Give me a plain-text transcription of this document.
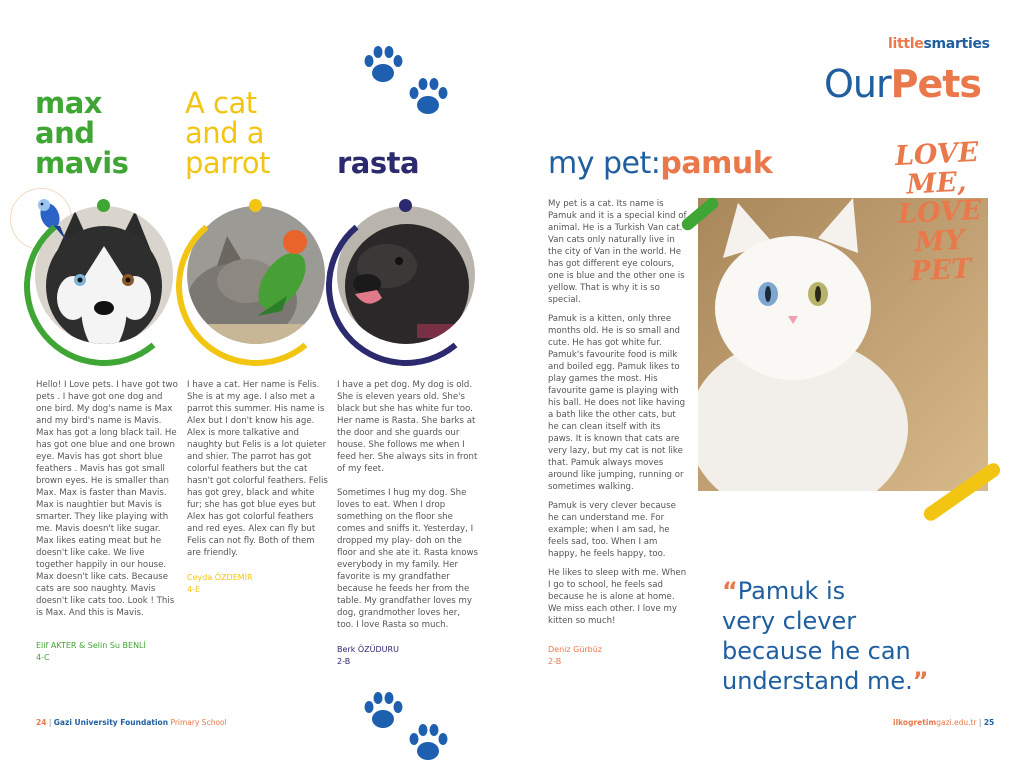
littlesmarties
OurPets
max
and
mavis

Hello! I Love pets. I have got two pets . I have got one dog and one bird. My dog's name is Max and my bird's name is Mavis. Max has got a long black tail. He has got one blue and one brown eye. Mavis has got short blue feathers . Mavis has got small brown eyes. He is smaller than Max. Max is faster than Mavis. Max is naughtier but Mavis is smarter. They like playing with me. Mavis doesn't like sugar. Max likes eating meat but he doesn't like cake. We live together happily in our house. Max doesn't like cats. Because cats are soo naughty. Mavis doesn't like cats too. Look ! This is Max. And this is Mavis.

Elif AKTER & Selin Su BENLİ
4-C
A cat
and a
parrot

I have a cat. Her name is Felis. She is at my age. I also met a parrot this summer. His name is Alex but I don't know his age. Alex is more talkative and naughty but Felis is a lot quieter and shier. The parrot has got colorful feathers but the cat hasn't got colorful feathers. Felis has got grey, black and white fur; she has got blue eyes but Alex has got colorful feathers and red eyes. Alex can fly but Felis can not fly. Both of them are friendly.

Ceyda ÖZDEMİR
4-E
rasta

I have a pet dog. My dog is old. She is eleven years old. She's black but she has white fur too. Her name is Rasta. She barks at the door and she guards our house. She follows me when I feed her. She always sits in front of my feet.

Sometimes I hug my dog. She loves to eat. When I drop something on the floor she comes and sniffs it. Yesterday, I dropped my play- doh on the floor and she ate it. Rasta knows everybody in my family. Her favorite is my grandfather because he feeds her from the table. My grandfather loves my dog, grandmother loves her, too. I love Rasta so much.

Berk ÖZÜDURU
2-B
my pet:pamuk

My pet is a cat. Its name is Pamuk and it is a special kind of animal. He is a Turkish Van cat. Van cats only naturally live in the city of Van in the world. He has got different eye colours, one is blue and the other one is yellow. That is why it is so special.

Pamuk is a kitten, only three months old. He is so small and cute. He has got white fur. Pamuk's favourite food is milk and boiled egg. Pamuk likes to play games the most. His favourite game is playing with his ball. He does not like having a bath like the other cats, but he can clean itself with its paws. It is known that cats are very lazy, but my cat is not like that. Pamuk always moves around like jumping, running or sometimes walking.

Pamuk is very clever because he can understand me. For example; when I am sad, he feels sad, too. When I am happy, he feels happy, too.

He likes to sleep with me. When I go to school, he feels sad because he is alone at home. We miss each other. I love my kitten so much!

Deniz Gürbüz
2-B
LOVE
ME,
LOVE
MY
PET
“Pamuk is
very clever
because he can
understand me.”
24 | Gazi University Foundation Primary School	ilkogretimgazi.edu.tr | 25
